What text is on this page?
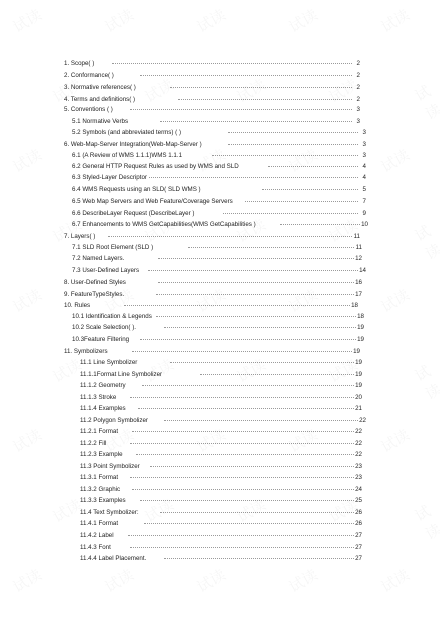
1. Scope( )	2
2. Conformance( )	2
3. Normative references( )	2
4. Terms and definitions( )	2
5. Conventions ( )	3
5.1 Normative Verbs	3
5.2 Symbols (and abbreviated terms) ( )	3
6. Web-Map-Server Integration(Web-Map-Server )	3
6.1 (A Review of WMS 1.1.1)WMS 1.1.1	3
6.2 General HTTP Request Rules as used by WMS and SLD	4
6.3 Styled-Layer Descriptor	4
6.4 WMS Requests using an SLD( SLD WMS )	5
6.5 Web Map Servers and Web Feature/Coverage Servers	7
6.6 DescribeLayer Request (DescribeLayer )	9
6.7 Enhancements to WMS GetCapabilities(WMS GetCapabilities )	10
7. Layers( )	11
7.1 SLD Root Element (SLD )	11
7.2 Named Layers.	12
7.3 User-Defined Layers	14
8. User-Defined Styles	16
9. FeatureTypeStyles.	17
10. Rules	18
10.1 Identification & Legends	18
10.2 Scale Selection( ).	19
10.3Feature Filtering	19
11. Symbolizers	19
11.1 Line Symbolizer	19
11.1.1Format Line Symbolizer	19
11.1.2 Geometry	19
11.1.3 Stroke	20
11.1.4 Examples	21
11.2 Polygon Symbolizer	22
11.2.1 Format	22
11.2.2 Fill	22
11.2.3 Example	22
11.3 Point Symbolizer	23
11.3.1 Format	23
11.3.2 Graphic	24
11.3.3 Examples	25
11.4 Text Symbolizer:	26
11.4.1 Format	26
11.4.2 Label	27
11.4.3 Font	27
11.4.4 Label Placement.	27
